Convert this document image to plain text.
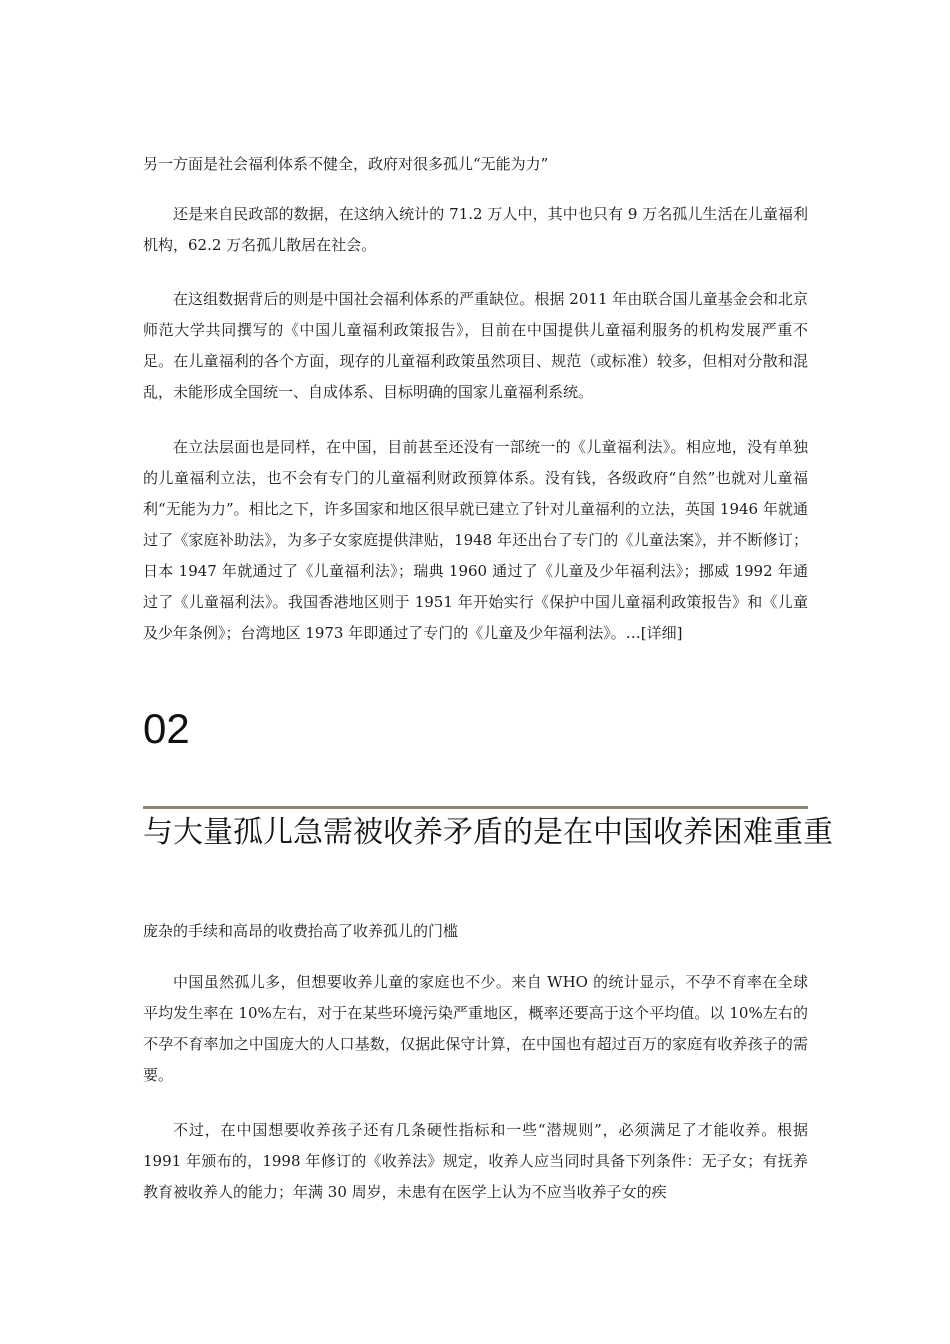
另一方面是社会福利体系不健全，政府对很多孤儿“无能为力”

还是来自民政部的数据，在这纳入统计的 71.2 万人中，其中也只有 9 万名孤儿生活在儿童福利机构，62.2 万名孤儿散居在社会。

在这组数据背后的则是中国社会福利体系的严重缺位。根据 2011 年由联合国儿童基金会和北京师范大学共同撰写的《中国儿童福利政策报告》，目前在中国提供儿童福利服务的机构发展严重不足。在儿童福利的各个方面，现存的儿童福利政策虽然项目、规范（或标准）较多，但相对分散和混乱，未能形成全国统一、自成体系、目标明确的国家儿童福利系统。

在立法层面也是同样，在中国，目前甚至还没有一部统一的《儿童福利法》。相应地，没有单独的儿童福利立法，也不会有专门的儿童福利财政预算体系。没有钱，各级政府“自然”也就对儿童福利“无能为力”。相比之下，许多国家和地区很早就已建立了针对儿童福利的立法，英国 1946 年就通过了《家庭补助法》，为多子女家庭提供津贴，1948 年还出台了专门的《儿童法案》，并不断修订；日本 1947 年就通过了《儿童福利法》；瑞典 1960 通过了《儿童及少年福利法》；挪威 1992 年通过了《儿童福利法》。我国香港地区则于 1951 年开始实行《保护中国儿童福利政策报告》和《儿童及少年条例》；台湾地区 1973 年即通过了专门的《儿童及少年福利法》。…[详细]

02
与大量孤儿急需被收养矛盾的是在中国收养困难重重
庞杂的手续和高昂的收费抬高了收养孤儿的门槛

中国虽然孤儿多，但想要收养儿童的家庭也不少。来自 WHO 的统计显示，不孕不育率在全球平均发生率在 10%左右，对于在某些环境污染严重地区，概率还要高于这个平均值。以 10%左右的不孕不育率加之中国庞大的人口基数，仅据此保守计算，在中国也有超过百万的家庭有收养孩子的需要。

不过，在中国想要收养孩子还有几条硬性指标和一些“潜规则”，必须满足了才能收养。根据 1991 年颁布的，1998 年修订的《收养法》规定，收养人应当同时具备下列条件：无子女；有抚养教育被收养人的能力；年满 30 周岁，未患有在医学上认为不应当收养子女的疾
